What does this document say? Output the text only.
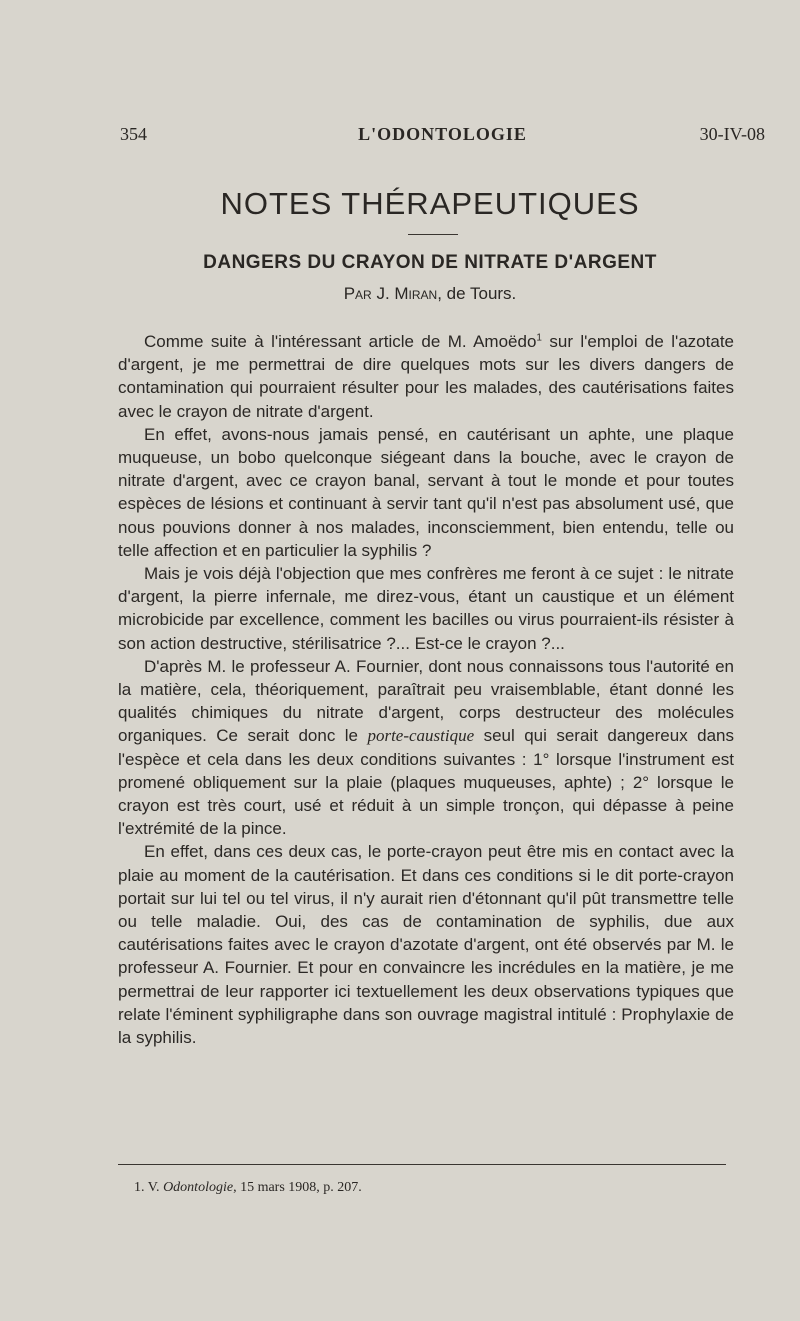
354	L'ODONTOLOGIE	30-IV-08
NOTES THÉRAPEUTIQUES
DANGERS DU CRAYON DE NITRATE D'ARGENT
Par J. Miran, de Tours.

Comme suite à l'intéressant article de M. Amoëdo$^1$ sur l'emploi de l'azotate d'argent, je me permettrai de dire quelques mots sur les divers dangers de contamination qui pourraient résulter pour les malades, des cautérisations faites avec le crayon de nitrate d'argent.

En effet, avons-nous jamais pensé, en cautérisant un aphte, une plaque muqueuse, un bobo quelconque siégeant dans la bouche, avec le crayon de nitrate d'argent, avec ce crayon banal, servant à tout le monde et pour toutes espèces de lésions et continuant à servir tant qu'il n'est pas absolument usé, que nous pouvions donner à nos malades, inconsciemment, bien entendu, telle ou telle affection et en particulier la syphilis ?

Mais je vois déjà l'objection que mes confrères me feront à ce sujet : le nitrate d'argent, la pierre infernale, me direz-vous, étant un caustique et un élément microbicide par excellence, comment les bacilles ou virus pourraient-ils résister à son action destructive, stérilisatrice ?... Est-ce le crayon ?...

D'après M. le professeur A. Fournier, dont nous connaissons tous l'autorité en la matière, cela, théoriquement, paraîtrait peu vraisemblable, étant donné les qualités chimiques du nitrate d'argent, corps destructeur des molécules organiques. Ce serait donc le porte-caustique seul qui serait dangereux dans l'espèce et cela dans les deux conditions suivantes : 1° lorsque l'instrument est promené obliquement sur la plaie (plaques muqueuses, aphte) ; 2° lorsque le crayon est très court, usé et réduit à un simple tronçon, qui dépasse à peine l'extrémité de la pince.

En effet, dans ces deux cas, le porte-crayon peut être mis en contact avec la plaie au moment de la cautérisation. Et dans ces conditions si le dit porte-crayon portait sur lui tel ou tel virus, il n'y aurait rien d'étonnant qu'il pût transmettre telle ou telle maladie. Oui, des cas de contamination de syphilis, due aux cautérisations faites avec le crayon d'azotate d'argent, ont été observés par M. le professeur A. Fournier. Et pour en convaincre les incrédules en la matière, je me permettrai de leur rapporter ici textuellement les deux observations typiques que relate l'éminent syphiligraphe dans son ouvrage magistral intitulé : Prophylaxie de la syphilis.

1. V. Odontologie, 15 mars 1908, p. 207.
